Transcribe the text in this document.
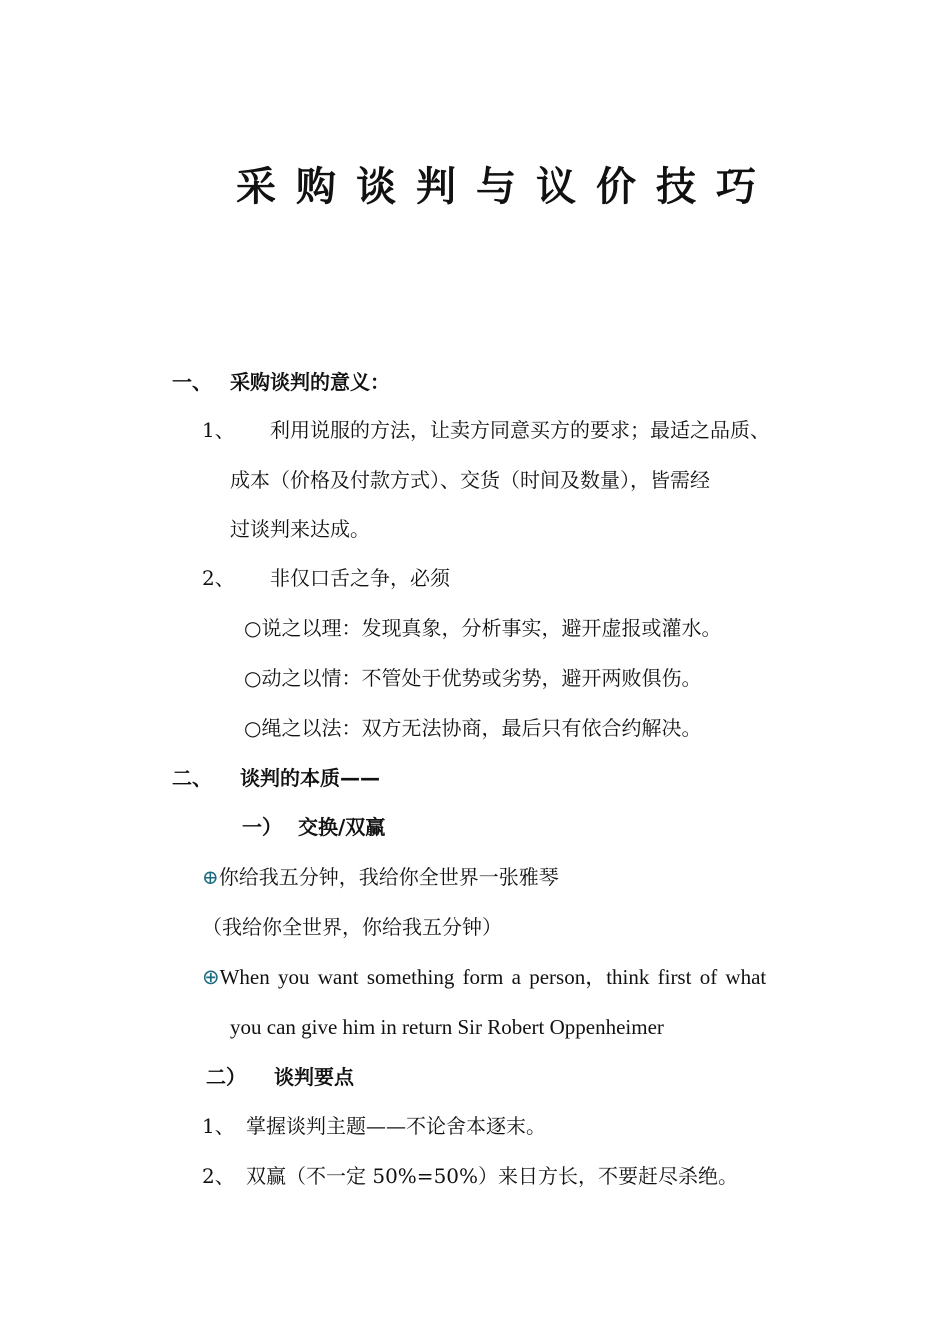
采购谈判与议价技巧
一、 采购谈判的意义：
1、 利用说服的方法，让卖方同意买方的要求；最适之品质、
成本（价格及付款方式）、交货（时间及数量），皆需经
过谈判来达成。
2、 非仅口舌之争，必须
○说之以理：发现真象，分析事实，避开虚报或灌水。
○动之以情：不管处于优势或劣势，避开两败俱伤。
○绳之以法：双方无法协商，最后只有依合约解决。
二、 谈判的本质——
一） 交换/双赢
⊕你给我五分钟，我给你全世界一张雅琴
（我给你全世界，你给我五分钟）
⊕When you want something form a person，think first of what
you can give him in return Sir Robert Oppenheimer
二） 谈判要点
1、 掌握谈判主题——不论舍本逐末。
2、 双赢（不一定 50%=50%）来日方长，不要赶尽杀绝。
